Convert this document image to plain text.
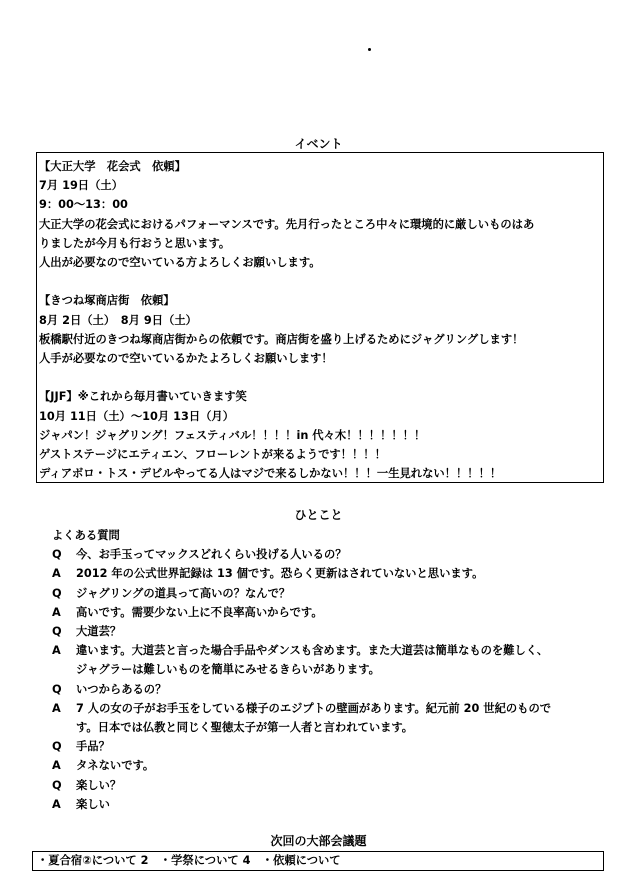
イベント
【大正大学　花会式　依頼】
7月 19日（土）
9：00～13：00
大正大学の花会式におけるパフォーマンスです。先月行ったところ中々に環境的に厳しいものはあ
りましたが今月も行おうと思います。
人出が必要なので空いている方よろしくお願いします。
【きつね塚商店街　依頼】
8月 2日（土）　8月 9日（土）
板橋駅付近のきつね塚商店街からの依頼です。商店街を盛り上げるためにジャグリングします！
人手が必要なので空いているかたよろしくお願いします！
【JJF】※これから毎月書いていきます笑
10月 11日（土）～10月 13日（月）
ジャパン！ジャグリング！フェスティバル！！！！in 代々木！！！！！！！
ゲストステージにエティエン、フローレントが来るようです！！！！
ディアボロ・トス・デビルやってる人はマジで来るしかない！！！一生見れない！！！！！
ひとこと
よくある質問
Q	今、お手玉ってマックスどれくらい投げる人いるの？
A	2012 年の公式世界記録は 13 個です。恐らく更新はされていないと思います。
Q	ジャグリングの道具って高いの？なんで？
A	高いです。需要少ない上に不良率高いからです。
Q	大道芸？
A	違います。大道芸と言った場合手品やダンスも含めます。また大道芸は簡単なものを難しく、
ジャグラーは難しいものを簡単にみせるきらいがあります。
Q	いつからあるの？
A	7 人の女の子がお手玉をしている様子のエジプトの壁画があります。紀元前 20 世紀のもので
す。日本では仏教と同じく聖徳太子が第一人者と言われています。
Q	手品？
A	タネないです。
Q	楽しい？
A	楽しい
次回の大部会議題
・夏合宿②について 2　・学祭について 4　・依頼について
